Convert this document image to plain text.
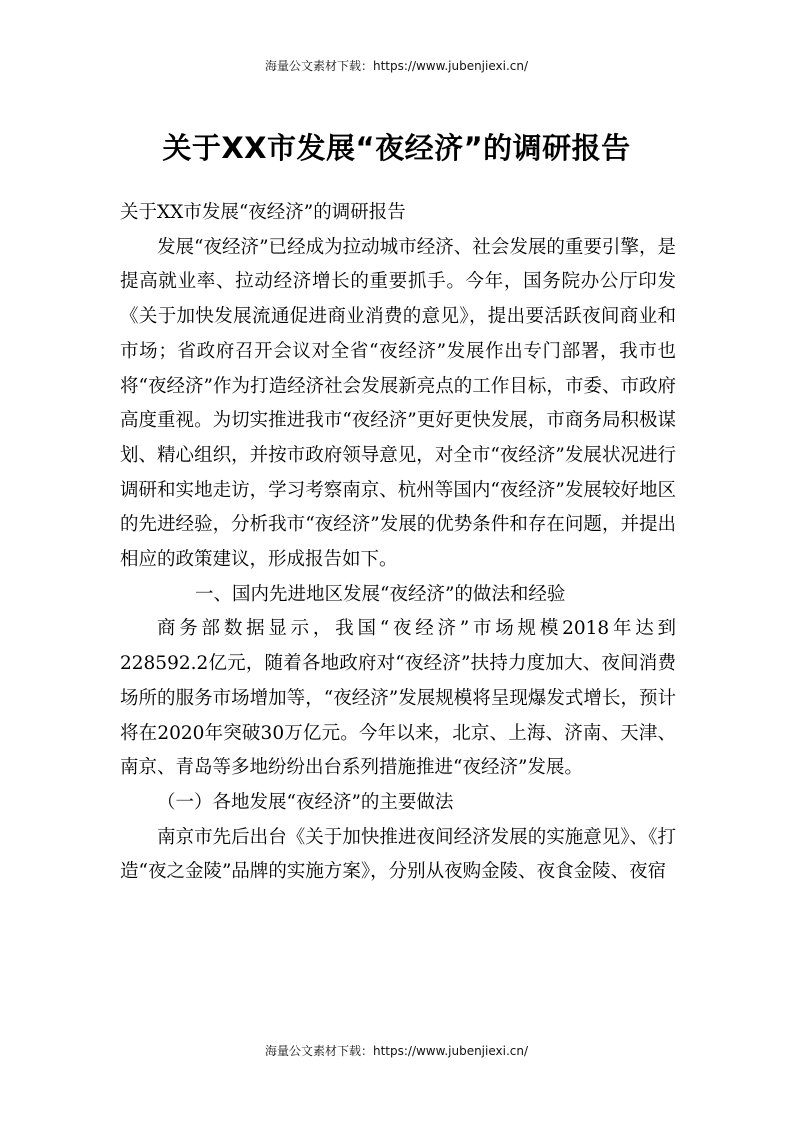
海量公文素材下载：https://www.jubenjiexi.cn/
关于XX市发展“夜经济”的调研报告

关于XX市发展“夜经济”的调研报告

发展“夜经济”已经成为拉动城市经济、社会发展的重要引擎，是提高就业率、拉动经济增长的重要抓手。今年，国务院办公厅印发《关于加快发展流通促进商业消费的意见》，提出要活跃夜间商业和市场；省政府召开会议对全省“夜经济”发展作出专门部署，我市也将“夜经济”作为打造经济社会发展新亮点的工作目标，市委、市政府高度重视。为切实推进我市“夜经济”更好更快发展，市商务局积极谋划、精心组织，并按市政府领导意见，对全市“夜经济”发展状况进行调研和实地走访，学习考察南京、杭州等国内“夜经济”发展较好地区的先进经验，分析我市“夜经济”发展的优势条件和存在问题，并提出相应的政策建议，形成报告如下。

一、国内先进地区发展“夜经济”的做法和经验

商务部数据显示，我国“夜经济”市场规模2018年达到228592.2亿元，随着各地政府对“夜经济”扶持力度加大、夜间消费场所的服务市场增加等，“夜经济”发展规模将呈现爆发式增长，预计将在2020年突破30万亿元。今年以来，北京、上海、济南、天津、南京、青岛等多地纷纷出台系列措施推进“夜经济”发展。

（一）各地发展“夜经济”的主要做法

南京市先后出台《关于加快推进夜间经济发展的实施意见》、《打造“夜之金陵”品牌的实施方案》，分别从夜购金陵、夜食金陵、夜宿

海量公文素材下载：https://www.jubenjiexi.cn/
